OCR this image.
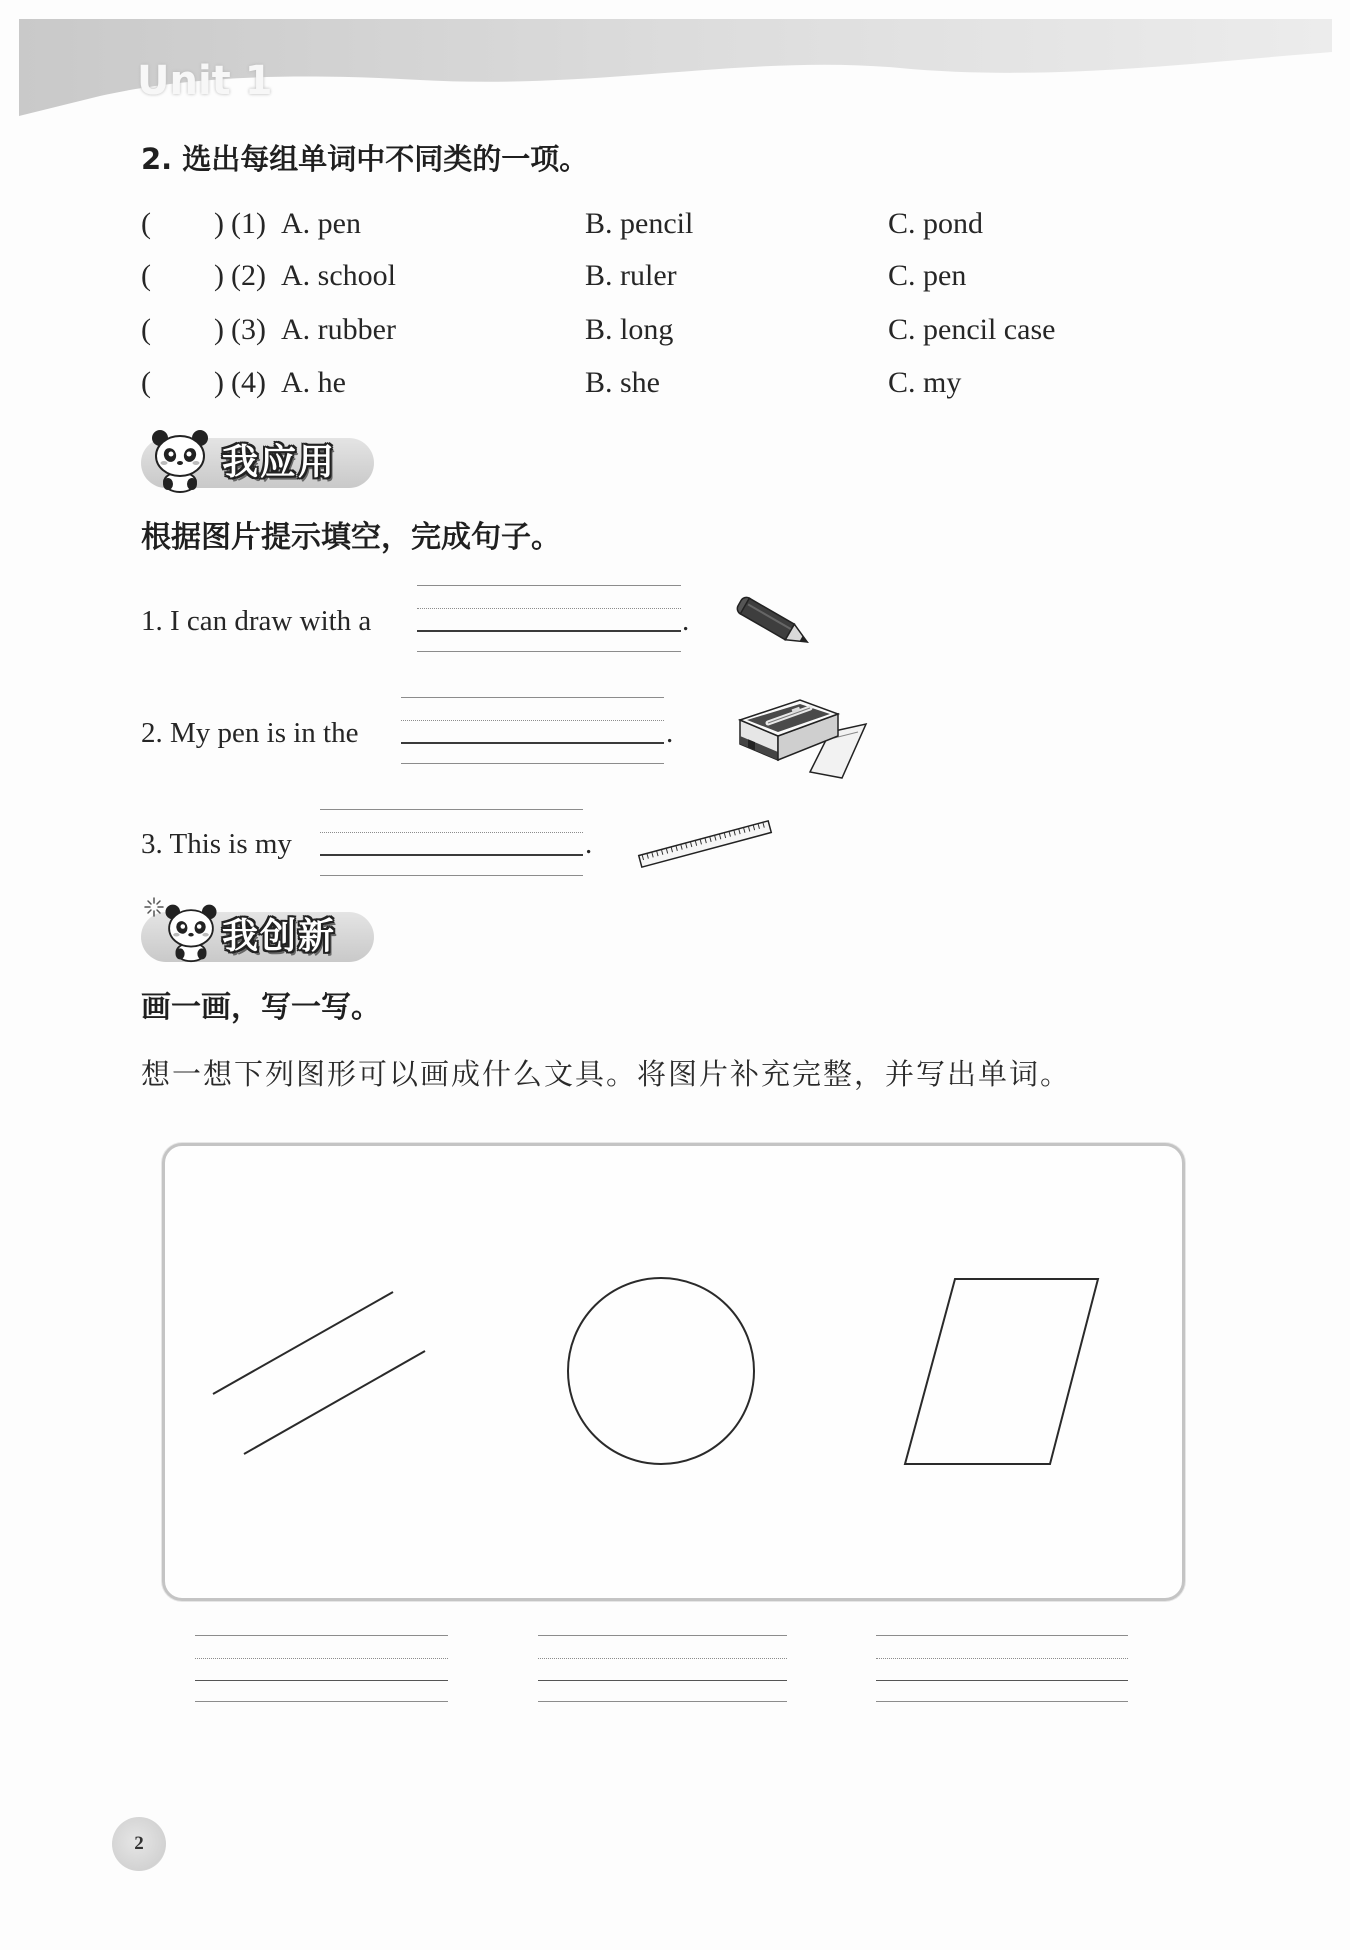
Unit 1
2. 选出每组单词中不同类的一项。
( ) (1) A. pen	B. pencil	C. pond
( ) (2) A. school	B. ruler	C. pen
( ) (3) A. rubber	B. long	C. pencil case
( ) (4) A. he	B. she	C. my
我应用
根据图片提示填空，完成句子。
1. I can draw with a	.
2. My pen is in the	.
3. This is my	.
我创新
画一画，写一写。
想一想下列图形可以画成什么文具。将图片补充完整，并写出单词。
2
